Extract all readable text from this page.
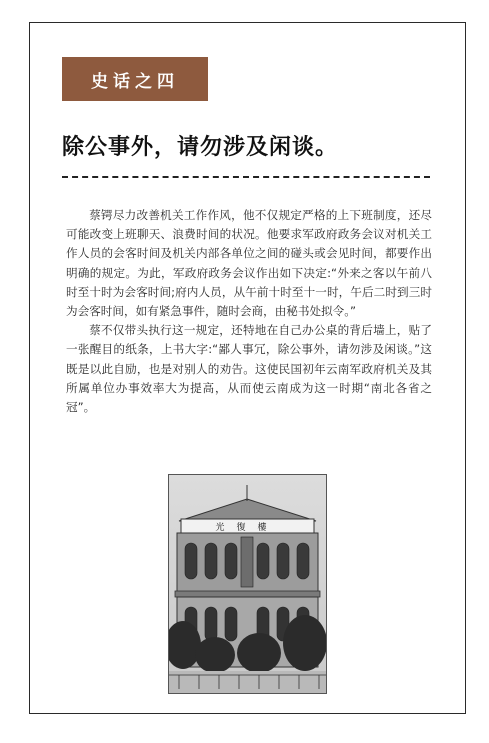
史话之四
除公事外，请勿涉及闲谈。

蔡锷尽力改善机关工作作风，他不仅规定严格的上下班制度，还尽可能改变上班聊天、浪费时间的状况。他要求军政府政务会议对机关工作人员的会客时间及机关内部各单位之间的碰头或会见时间，都要作出明确的规定。为此，军政府政务会议作出如下决定:“外来之客以午前八时至十时为会客时间;府内人员，从午前十时至十一时，午后二时到三时为会客时间，如有紧急事件，随时会商，由秘书处拟令。”

蔡不仅带头执行这一规定，还特地在自己办公桌的背后墙上，贴了一张醒目的纸条，上书大字:“鄙人事冗，除公事外，请勿涉及闲谈。”这既是以此自励，也是对别人的劝告。这使民国初年云南军政府机关及其所属单位办事效率大为提高，从而使云南成为这一时期“南北各省之冠”。

光復樓
